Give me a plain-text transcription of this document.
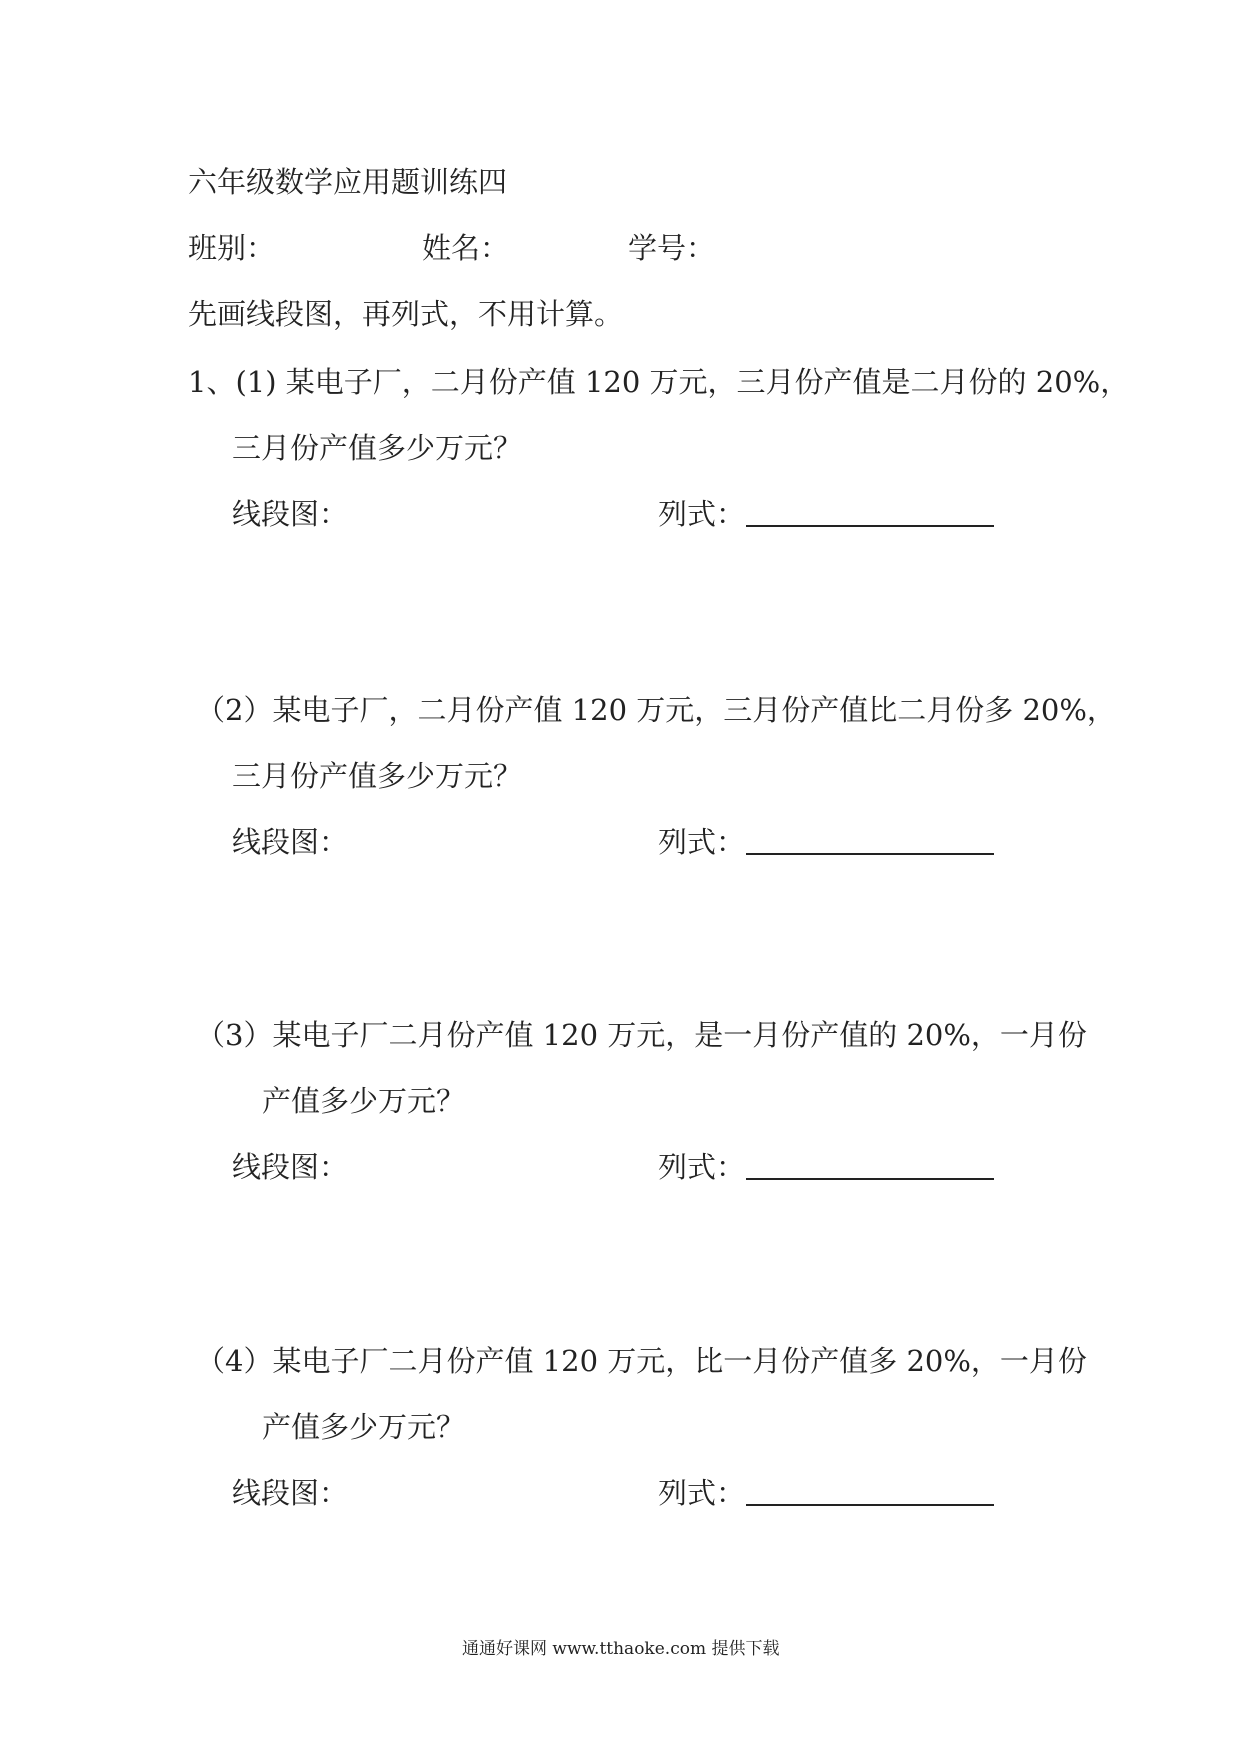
六年级数学应用题训练四
班别：	姓名：	学号：
先画线段图，再列式，不用计算。
1、(1) 某电子厂，二月份产值 120 万元，三月份产值是二月份的 20%，
三月份产值多少万元？
线段图：	列式：
（2）某电子厂，二月份产值 120 万元，三月份产值比二月份多 20%，
三月份产值多少万元？
线段图：	列式：
（3）某电子厂二月份产值 120 万元，是一月份产值的 20%，一月份
产值多少万元？
线段图：	列式：
（4）某电子厂二月份产值 120 万元，比一月份产值多 20%，一月份
产值多少万元？
线段图：	列式：
通通好课网 www.tthaoke.com 提供下载
